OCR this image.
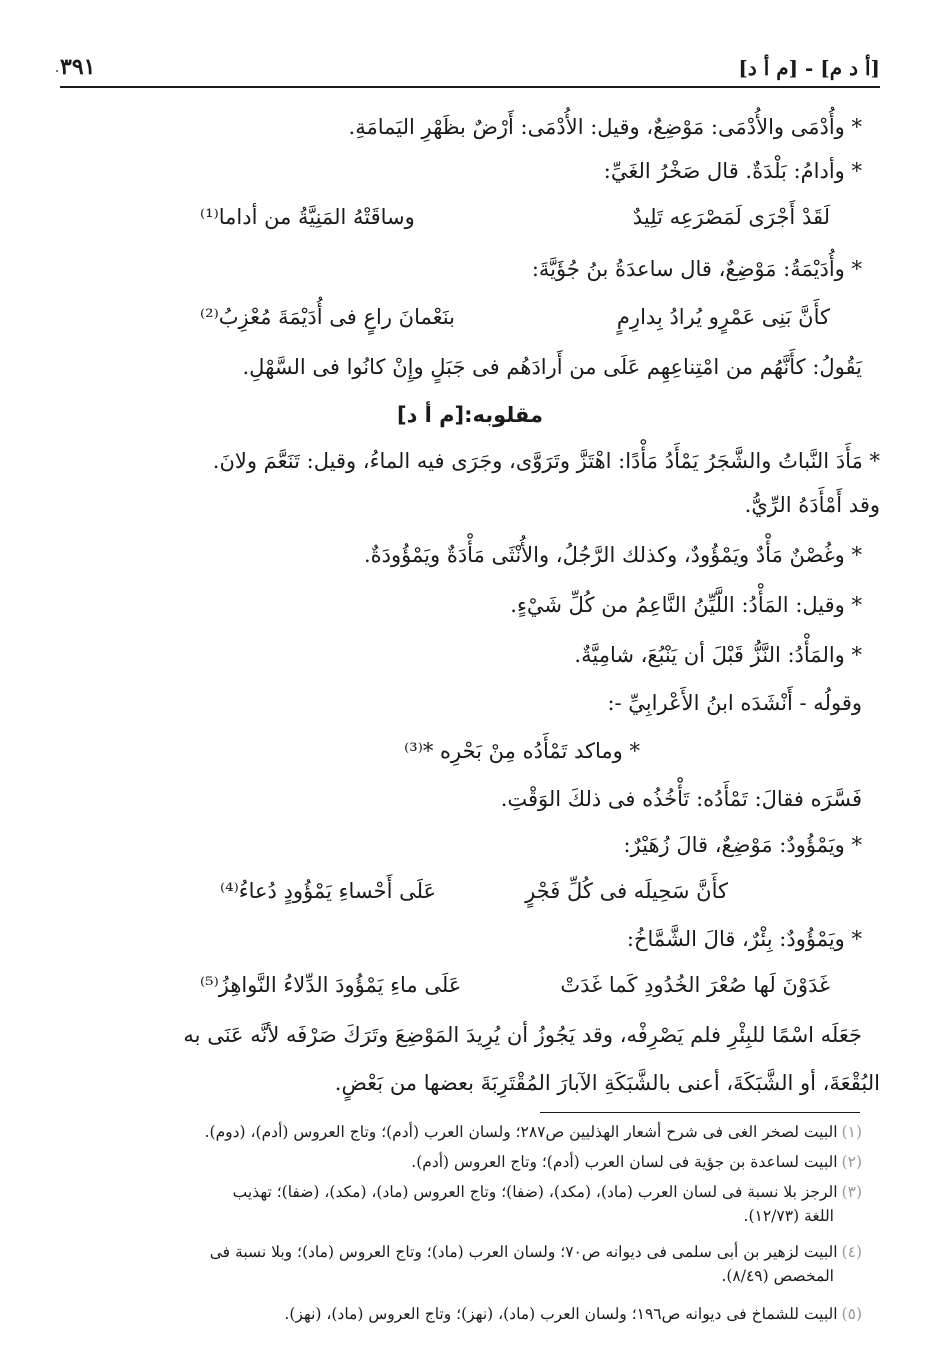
[أ د م] - [م أ د]
٣٩١
* وأُدْمَى والأُدْمَى: مَوْضِعٌ، وقيل: الأُدْمَى: أَرْضٌ بظَهْرِ اليَمامَةِ.
* وأدامُ: بَلْدَةٌ. قال صَخْرُ الغَيِّ:
لَقَدْ أَجْرَى لَمَصْرَعِه تَلِيدٌ
وساقَتْهُ المَنِيَّةُ من أداما⁽¹⁾
* وأُدَيْمَةُ: مَوْضِعٌ، قال ساعدَةُ بنُ جُؤَيَّةَ:
كأَنَّ بَنِى عَمْرٍو يُرادُ بِدارِمٍ
بنَعْمانَ راعٍ فى أُدَيْمَةَ مُعْزِبُ⁽²⁾
يَقُولُ: كأَنَّهُم من امْتِناعِهِم عَلَى من أَرادَهُم فى جَبَلٍ وإِنْ كانُوا فى السَّهْلِ.
مقلوبه:[م أ د]
* مَأَدَ النَّباتُ والشَّجَرُ يَمْأَدُ مَأْدًا: اهْتَزَّ وتَرَوَّى، وجَرَى فيه الماءُ، وقيل: تَنَعَّمَ ولانَ.
وقد أَمْأَدَهُ الرِّيُّ.
* وغُصْنٌ مَأْدٌ ويَمْؤُودٌ، وكذلك الرَّجُلُ، والأُنْثَى مَأْدَةٌ ويَمْؤُودَةٌ.
* وقيل: المَأْدُ: اللَّيِّنُ النَّاعِمُ من كُلِّ شَيْءٍ.
* والمَأْدُ: النَّزُّ قَبْلَ أن يَنْبُعَ، شامِيَّةٌ.
وقولُه - أَنْشَدَه ابنُ الأَعْرابِيِّ -:
* وماكد تَمْأَدُه مِنْ بَحْرِه *⁽³⁾
فَسَّرَه فقالَ: تَمْأَدُه: تَأْخُذُه فى ذلكَ الوَقْتِ.
* ويَمْؤُودٌ: مَوْضِعٌ، قالَ زُهَيْرٌ:
كأَنَّ سَحِيلَه فى كُلِّ فَجْرٍ
عَلَى أَحْساءِ يَمْؤُودٍ دُعاءُ⁽⁴⁾
* ويَمْؤُودٌ: بِئْرٌ، قالَ الشَّمَّاخُ:
غَدَوْنَ لَها صُعْرَ الخُدُودِ كَما غَدَتْ
عَلَى ماءِ يَمْؤُودَ الدِّلاءُ النَّواهِزُ⁽⁵⁾
جَعَلَه اسْمًا للبِئْرِ فلم يَصْرِفْه، وقد يَجُوزُ أن يُرِيدَ المَوْضِعَ وتَرَكَ صَرْفَه لأنَّه عَنَى به
البُقْعَةَ، أو الشَّبَكَةَ، أعنى بالشَّبَكَةِ الآبارَ المُقْتَرِبَةَ بعضها من بَعْضٍ.
(١)البيت لصخر الغى فى شرح أشعار الهذليين ص٢٨٧؛ ولسان العرب (أدم)؛ وتاج العروس (أدم)، (دوم).
(٢)البيت لساعدة بن جؤية فى لسان العرب (أدم)؛ وتاج العروس (أدم).
(٣)الرجز بلا نسبة فى لسان العرب (ماد)، (مكد)، (ضفا)؛ وتاج العروس (ماد)، (مكد)، (ضفا)؛ تهذيب
اللغة (١٢/٧٣).
(٤)البيت لزهير بن أبى سلمى فى ديوانه ص٧٠؛ ولسان العرب (ماد)؛ وتاج العروس (ماد)؛ وبلا نسبة فى
المخصص (٨/٤٩).
(٥)البيت للشماخ فى ديوانه ص١٩٦؛ ولسان العرب (ماد)، (نهز)؛ وتاج العروس (ماد)، (نهز).
